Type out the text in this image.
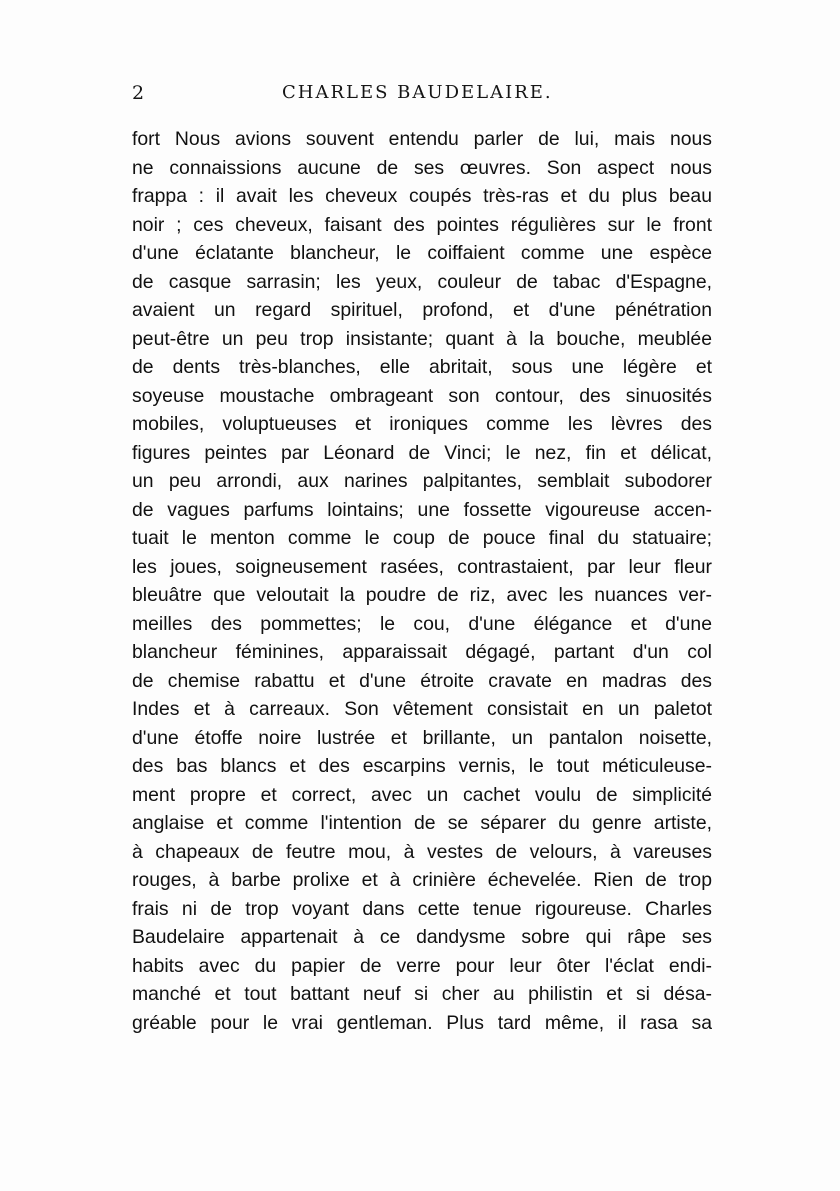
2	CHARLES BAUDELAIRE.
fort Nous avions souvent entendu parler de lui, mais nous
ne connaissions aucune de ses œuvres. Son aspect nous
frappa : il avait les cheveux coupés très-ras et du plus beau
noir ; ces cheveux, faisant des pointes régulières sur le front
d'une éclatante blancheur, le coiffaient comme une espèce
de casque sarrasin; les yeux, couleur de tabac d'Espagne,
avaient un regard spirituel, profond, et d'une pénétration
peut-être un peu trop insistante; quant à la bouche, meublée
de dents très-blanches, elle abritait, sous une légère et
soyeuse moustache ombrageant son contour, des sinuosités
mobiles, voluptueuses et ironiques comme les lèvres des
figures peintes par Léonard de Vinci; le nez, fin et délicat,
un peu arrondi, aux narines palpitantes, semblait subodorer
de vagues parfums lointains; une fossette vigoureuse accen-
tuait le menton comme le coup de pouce final du statuaire;
les joues, soigneusement rasées, contrastaient, par leur fleur
bleuâtre que veloutait la poudre de riz, avec les nuances ver-
meilles des pommettes; le cou, d'une élégance et d'une
blancheur féminines, apparaissait dégagé, partant d'un col
de chemise rabattu et d'une étroite cravate en madras des
Indes et à carreaux. Son vêtement consistait en un paletot
d'une étoffe noire lustrée et brillante, un pantalon noisette,
des bas blancs et des escarpins vernis, le tout méticuleuse-
ment propre et correct, avec un cachet voulu de simplicité
anglaise et comme l'intention de se séparer du genre artiste,
à chapeaux de feutre mou, à vestes de velours, à vareuses
rouges, à barbe prolixe et à crinière échevelée. Rien de trop
frais ni de trop voyant dans cette tenue rigoureuse. Charles
Baudelaire appartenait à ce dandysme sobre qui râpe ses
habits avec du papier de verre pour leur ôter l'éclat endi-
manché et tout battant neuf si cher au philistin et si désa-
gréable pour le vrai gentleman. Plus tard même, il rasa sa
